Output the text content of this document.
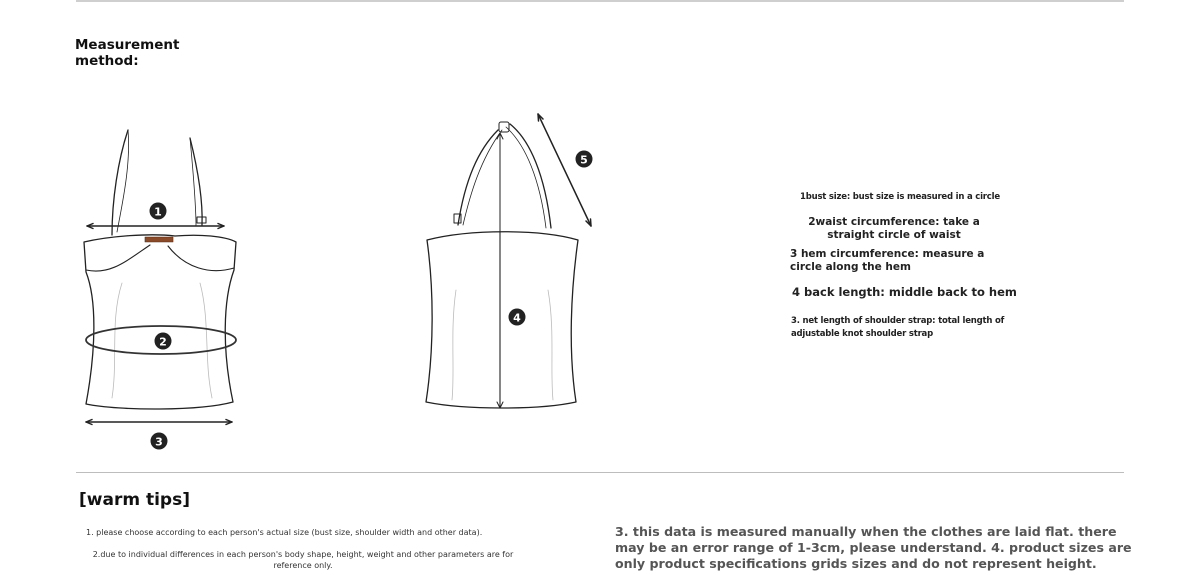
Measurement method:
1
2
3
4
5
1bust size: bust size is measured in a circle
2waist circumference: take a straight circle of waist
3 hem circumference: measure a circle along the hem
4 back length: middle back to hem
3. net length of shoulder strap: total length of adjustable knot shoulder strap
[warm tips]
1. please choose according to each person's actual size (bust size, shoulder width and other data).
2.due to individual differences in each person's body shape, height, weight and other parameters are for reference only.
3. this data is measured manually when the clothes are laid flat. there may be an error range of 1-3cm, please understand. 4. product sizes are only product specifications grids sizes and do not represent height.
